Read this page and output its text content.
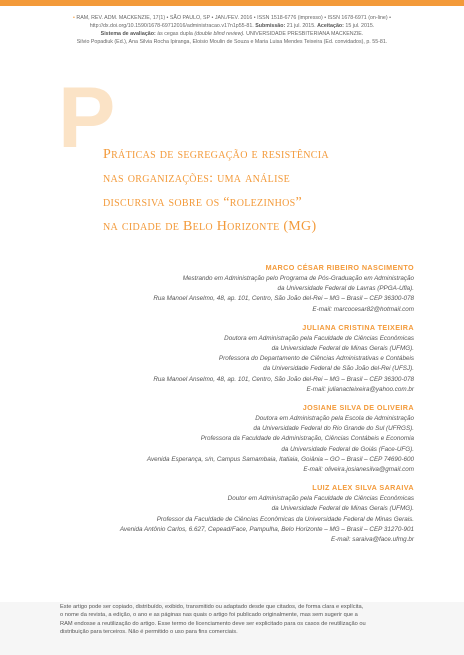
• RAM, REV. ADM. MACKENZIE, 17(1) • SÃO PAULO, SP • JAN./FEV. 2016 • ISSN 1518-6776 (impresso) • ISSN 1678-6971 (on-line) •
http://dx.doi.org/10.1590/1678-69712016/administracao.v17n1p55-81. Submissão: 21 jul. 2015. Aceitação: 15 jul. 2015.
Sistema de avaliação: às cegas dupla (double blind review). UNIVERSIDADE PRESBITERIANA MACKENZIE.
Silvio Popadiuk (Ed.), Ana Silvia Rocha Ipiranga, Eloisio Moulin de Souza e Maria Luisa Mendes Teixeira (Ed. convidados), p. 55-81.
P
Práticas de segregação e resistência
nas organizações: uma análise
discursiva sobre os “rolezinhos”
na cidade de Belo Horizonte (MG)
MARCO CÉSAR RIBEIRO NASCIMENTO
Mestrando em Administração pelo Programa de Pós-Graduação em Administração
da Universidade Federal de Lavras (PPGA-Ufla).
Rua Manoel Anselmo, 48, ap. 101, Centro, São João del-Rei – MG – Brasil – CEP 36300-078
E-mail: marcocesar82@hotmail.com
JULIANA CRISTINA TEIXEIRA
Doutora em Administração pela Faculdade de Ciências Econômicas
da Universidade Federal de Minas Gerais (UFMG).
Professora do Departamento de Ciências Administrativas e Contábeis
da Universidade Federal de São João del-Rei (UFSJ).
Rua Manoel Anselmo, 48, ap. 101, Centro, São João del-Rei – MG – Brasil – CEP 36300-078
E-mail: julianacteixeira@yahoo.com.br
JOSIANE SILVA DE OLIVEIRA
Doutora em Administração pela Escola de Administração
da Universidade Federal do Rio Grande do Sul (UFRGS).
Professora da Faculdade de Administração, Ciências Contábeis e Economia
da Universidade Federal de Goiás (Face-UFG).
Avenida Esperança, s/n, Campus Samambaia, Itatiaia, Goiânia – GO – Brasil – CEP 74690-600
E-mail: oliveira.josianesilva@gmail.com
LUIZ ALEX SILVA SARAIVA
Doutor em Administração pela Faculdade de Ciências Econômicas
da Universidade Federal de Minas Gerais (UFMG).
Professor da Faculdade de Ciências Econômicas da Universidade Federal de Minas Gerais.
Avenida Antônio Carlos, 6.627, Cepead/Face, Pampulha, Belo Horizonte – MG – Brasil – CEP 31270-901
E-mail: saraiva@face.ufmg.br
Este artigo pode ser copiado, distribuído, exibido, transmitido ou adaptado desde que citados, de forma clara e explícita,
o nome da revista, a edição, o ano e as páginas nas quais o artigo foi publicado originalmente, mas sem sugerir que a
RAM endosse a reutilização do artigo. Esse termo de licenciamento deve ser explicitado para os casos de reutilização ou
distribuição para terceiros. Não é permitido o uso para fins comerciais.
